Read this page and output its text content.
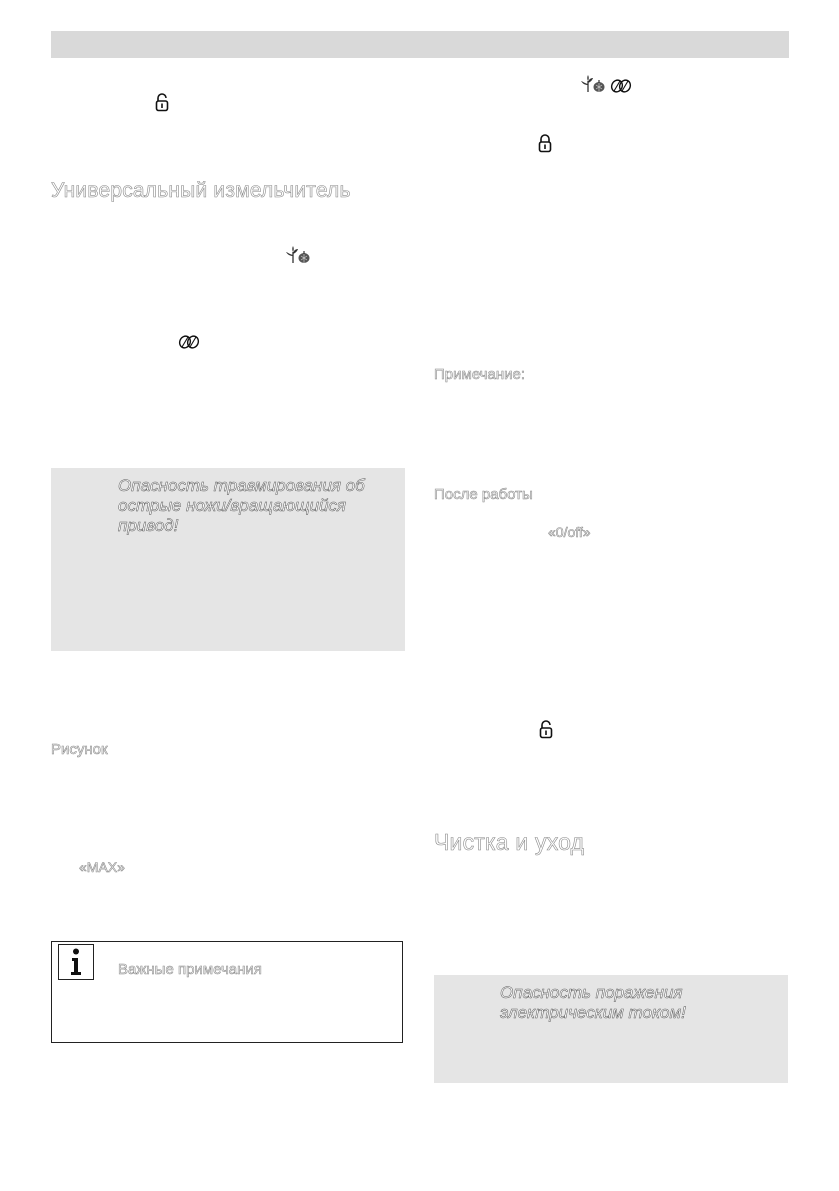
Универсальный измельчитель
Опасность травмирования об острые ножи/вращающийся привод!
Рисунок
«MAX»
Важные примечания
Примечание:
После работы
«0/off»
Чистка и уход
Опасность поражения электрическим током!
